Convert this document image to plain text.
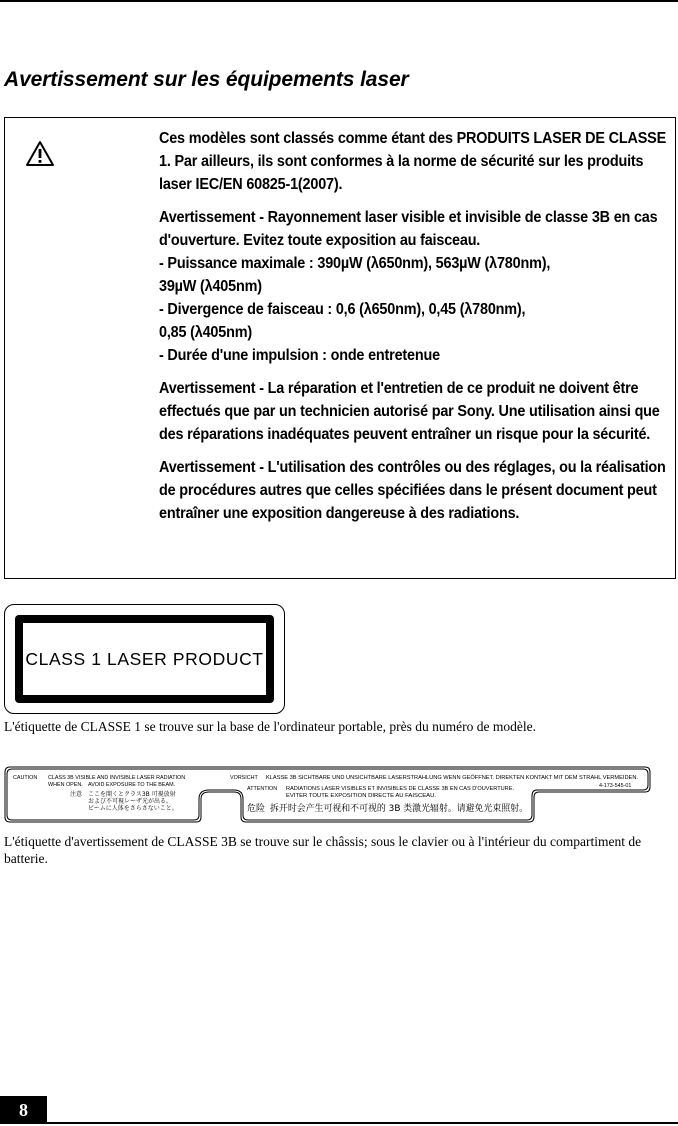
Avertissement sur les équipements laser

Ces modèles sont classés comme étant des PRODUITS LASER DE CLASSE 1. Par ailleurs, ils sont conformes à la norme de sécurité sur les produits laser IEC/EN 60825-1(2007).

Avertissement - Rayonnement laser visible et invisible de classe 3B en cas d'ouverture. Evitez toute exposition au faisceau.

- Puissance maximale : 390µW (λ650nm), 563µW (λ780nm),
39µW (λ405nm)
- Divergence de faisceau : 0,6 (λ650nm), 0,45 (λ780nm),
0,85 (λ405nm)
- Durée d'une impulsion : onde entretenue

Avertissement - La réparation et l'entretien de ce produit ne doivent être effectués que par un technicien autorisé par Sony. Une utilisation ainsi que des réparations inadéquates peuvent entraîner un risque pour la sécurité.

Avertissement - L'utilisation des contrôles ou des réglages, ou la réalisation de procédures autres que celles spécifiées dans le présent document peut entraîner une exposition dangereuse à des radiations.

CLASS 1 LASER PRODUCT
L'étiquette de CLASSE 1 se trouve sur la base de l'ordinateur portable, près du numéro de modèle.
CAUTION CLASS 3B VISIBLE AND INVISIBLE LASER RADIATION
WHEN OPEN. AVOID EXPOSURE TO THE BEAM.
注意 ここを開くとクラス3B 可視放射
および不可視レーザ光が出る。
ビームに人体をさらさないこと。
VORSICHT KLASSE 3B SICHTBARE UND UNSICHTBARE LASERSTRAHLUNG WENN GEÖFFNET. DIREKTEN KONTAKT MIT DEM STRAHL VERMEIDEN.
4-173-545-01
ATTENTION RADIATIONS LASER VISIBLES ET INVISIBLES DE CLASSE 3B EN CAS D'OUVERTURE.
EVITER TOUTE EXPOSITION DIRECTE AU FAISCEAU.
危险 拆开时会产生可视和不可视的 3B 类激光辐射。请避免光束照射。
L'étiquette d'avertissement de CLASSE 3B se trouve sur le châssis; sous le clavier ou à l'intérieur du compartiment de batterie.
8
